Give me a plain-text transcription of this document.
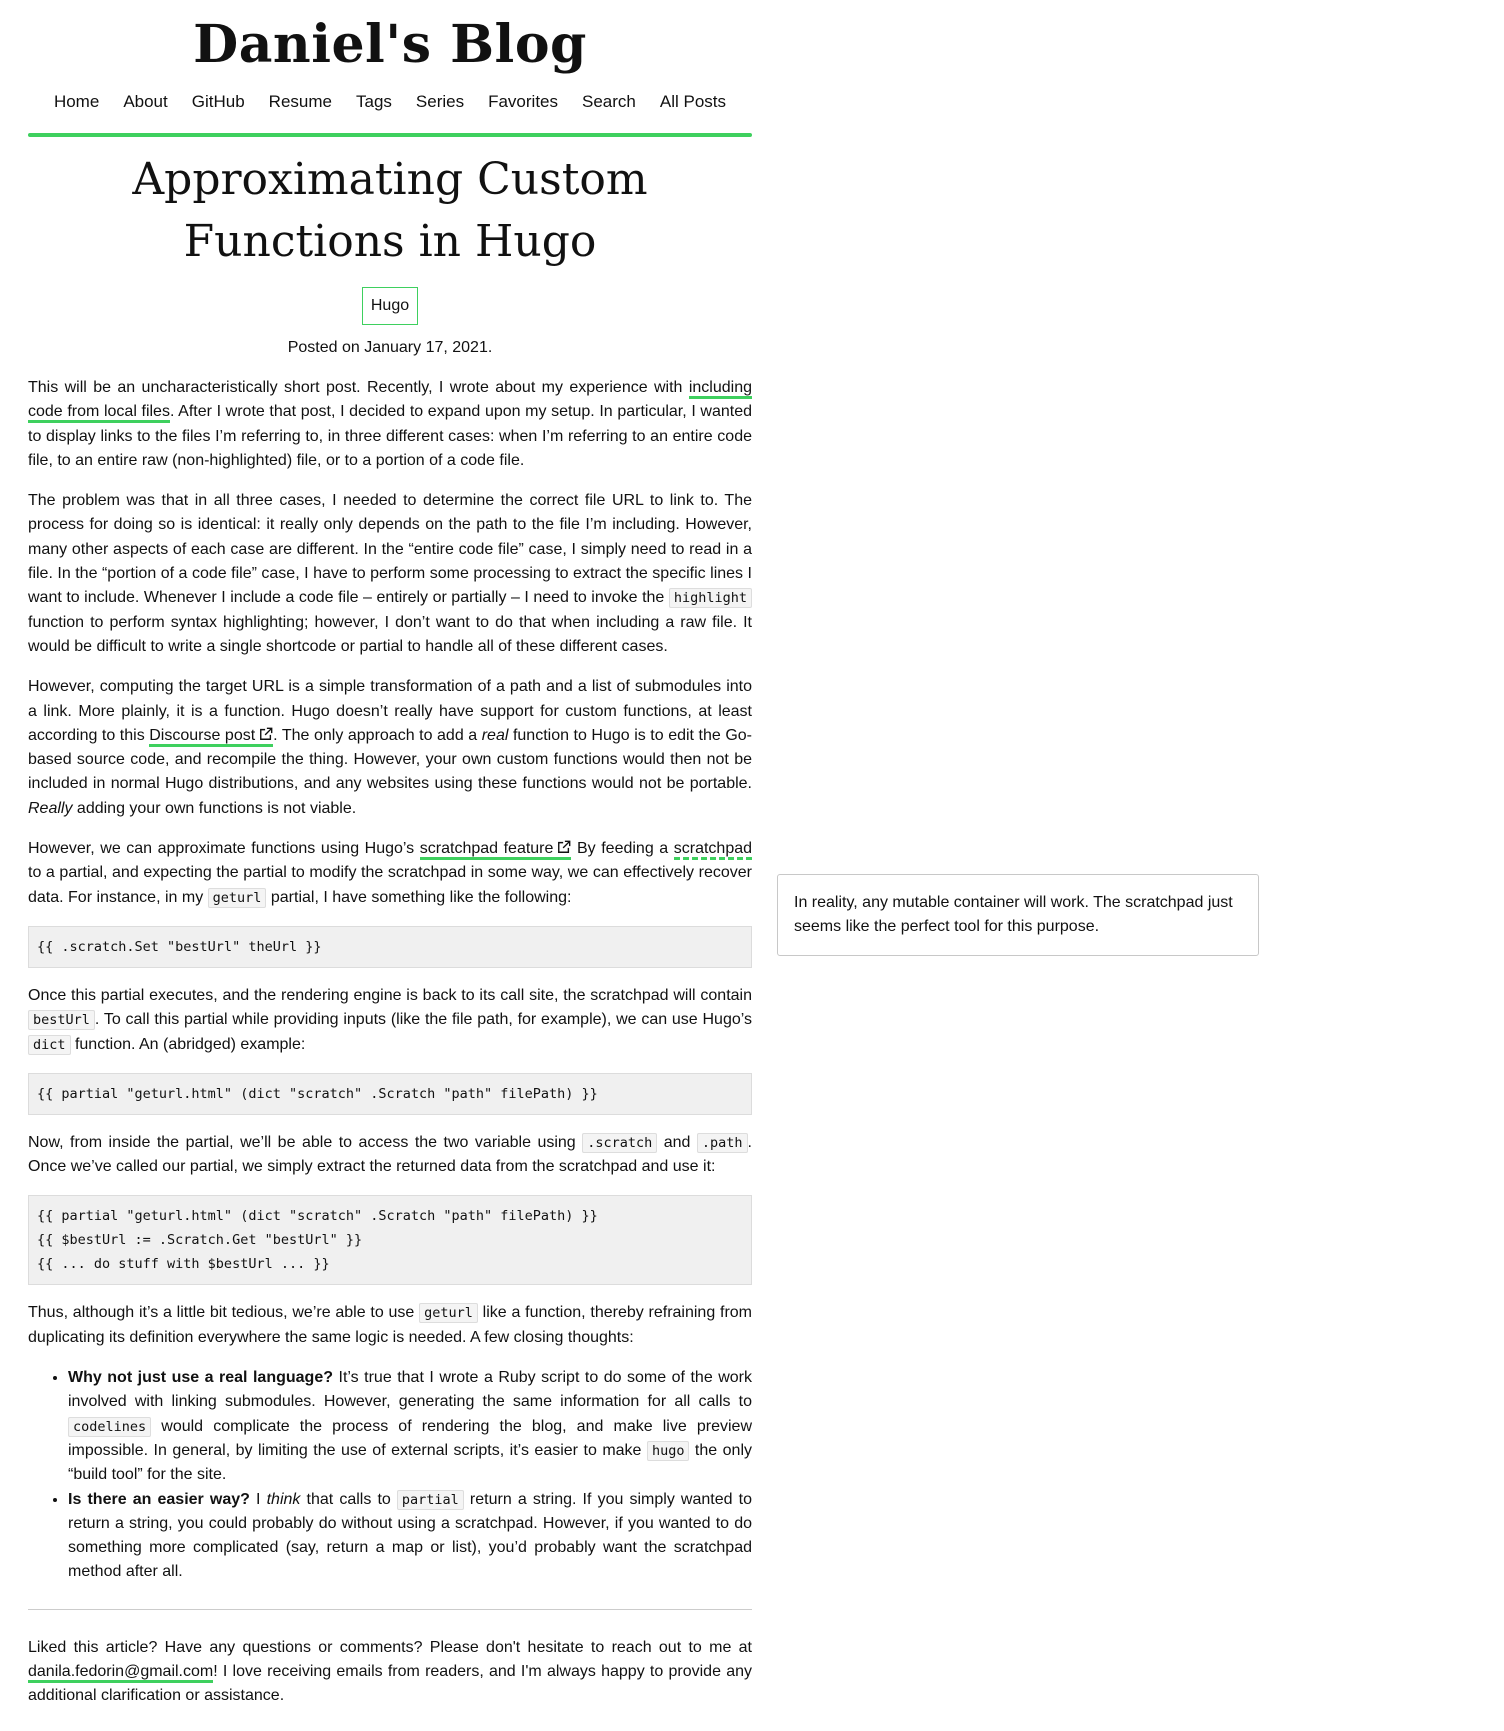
Daniel's Blog
Home About GitHub Resume Tags Series Favorites Search All Posts
Approximating Custom Functions in Hugo
Hugo
Posted on January 17, 2021.

This will be an uncharacteristically short post. Recently, I wrote about my experience with including code from local files. After I wrote that post, I decided to expand upon my setup. In particular, I wanted to display links to the files I’m referring to, in three different cases: when I’m referring to an entire code file, to an entire raw (non-highlighted) file, or to a portion of a code file.

The problem was that in all three cases, I needed to determine the correct file URL to link to. The process for doing so is identical: it really only depends on the path to the file I’m including. However, many other aspects of each case are different. In the “entire code file” case, I simply need to read in a file. In the “portion of a code file” case, I have to perform some processing to extract the specific lines I want to include. Whenever I include a code file – entirely or partially – I need to invoke the highlight function to perform syntax highlighting; however, I don’t want to do that when including a raw file. It would be difficult to write a single shortcode or partial to handle all of these different cases.

However, computing the target URL is a simple transformation of a path and a list of submodules into a link. More plainly, it is a function. Hugo doesn’t really have support for custom functions, at least according to this Discourse post . The only approach to add a real function to Hugo is to edit the Go-based source code, and recompile the thing. However, your own custom functions would then not be included in normal Hugo distributions, and any websites using these functions would not be portable. Really adding your own functions is not viable.

However, we can approximate functions using Hugo’s scratchpad feature By feeding a scratchpad to a partial, and expecting the partial to modify the scratchpad in some way, we can effectively recover data. For instance, in my geturl partial, I have something like the following:

{{ .scratch.Set "bestUrl" theUrl }}

Once this partial executes, and the rendering engine is back to its call site, the scratchpad will contain bestUrl . To call this partial while providing inputs (like the file path, for example), we can use Hugo’s dict function. An (abridged) example:

{{ partial "geturl.html" (dict "scratch" .Scratch "path" filePath) }}

Now, from inside the partial, we’ll be able to access the two variable using .scratch and .path . Once we’ve called our partial, we simply extract the returned data from the scratchpad and use it:

{{ partial "geturl.html" (dict "scratch" .Scratch "path" filePath) }}
{{ $bestUrl := .Scratch.Get "bestUrl" }}
{{ ... do stuff with $bestUrl ... }}

Thus, although it’s a little bit tedious, we’re able to use geturl like a function, thereby refraining from duplicating its definition everywhere the same logic is needed. A few closing thoughts:

• Why not just use a real language? It’s true that I wrote a Ruby script to do some of the work involved with linking submodules. However, generating the same information for all calls to codelines would complicate the process of rendering the blog, and make live preview impossible. In general, by limiting the use of external scripts, it’s easier to make hugo the only “build tool” for the site.
• Is there an easier way? I think that calls to partial return a string. If you simply wanted to return a string, you could probably do without using a scratchpad. However, if you wanted to do something more complicated (say, return a map or list), you’d probably want the scratchpad method after all.

Liked this article? Have any questions or comments? Please don't hesitate to reach out to me at danila.fedorin@gmail.com! I love receiving emails from readers, and I'm always happy to provide any additional clarification or assistance.

In reality, any mutable container will work. The scratchpad just seems like the perfect tool for this purpose.
